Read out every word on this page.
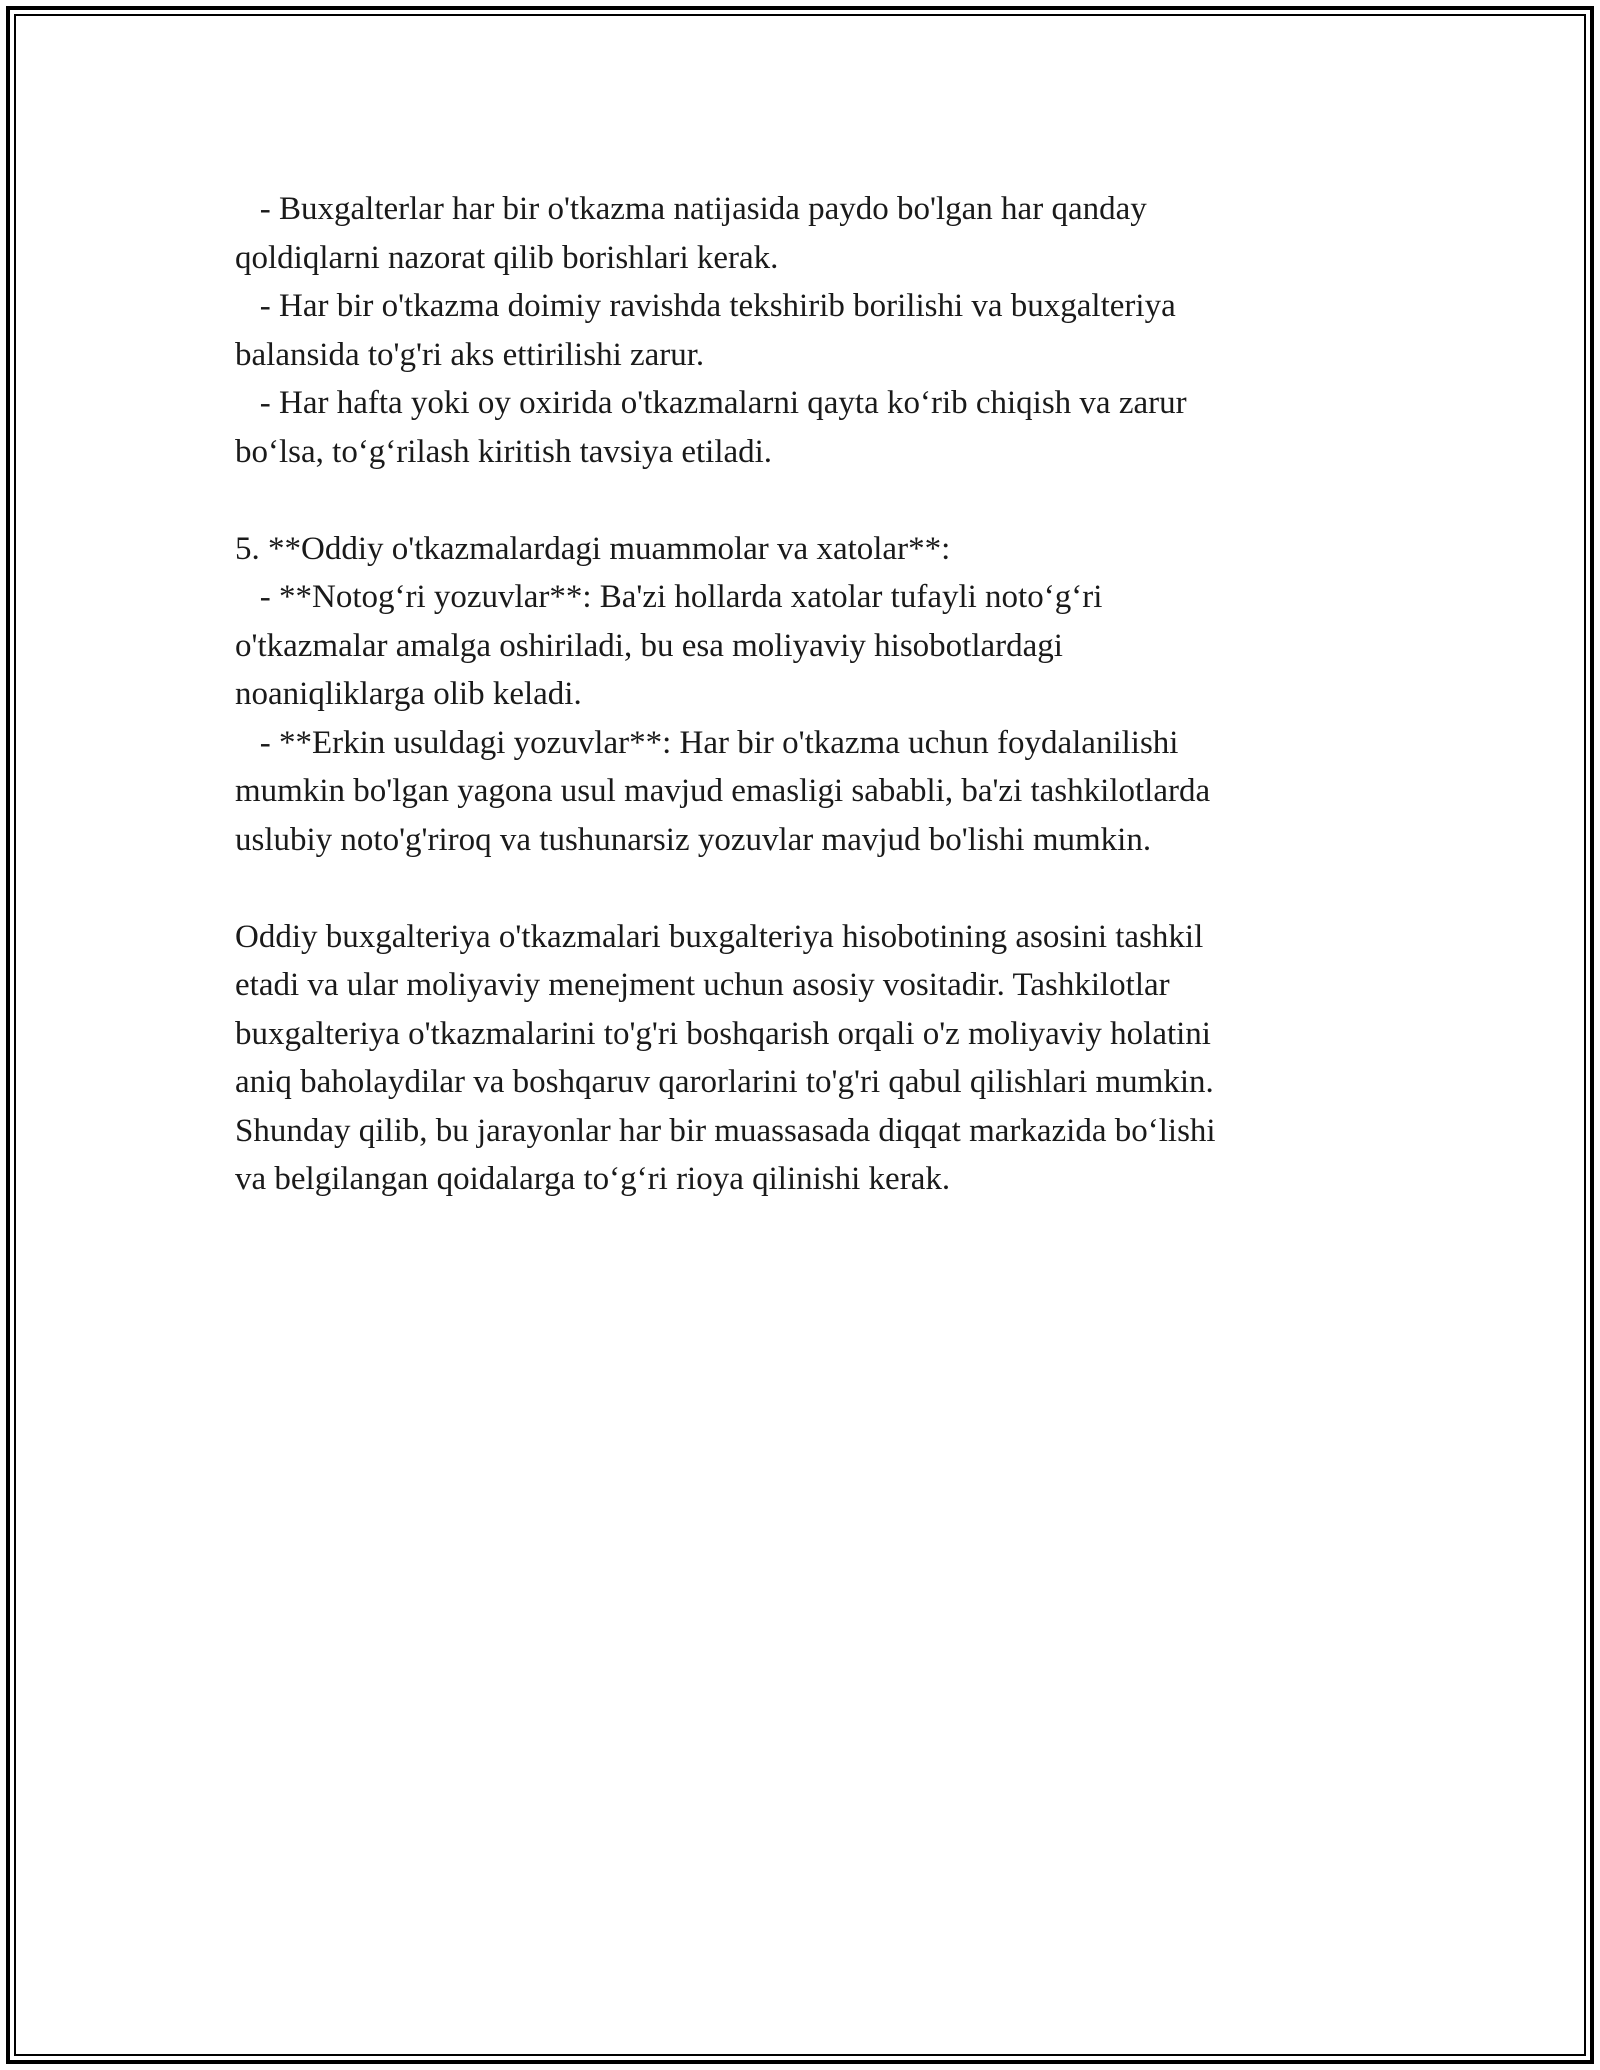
- Buxgalterlar har bir o'tkazma natijasida paydo bo'lgan har qanday
qoldiqlarni nazorat qilib borishlari kerak.
- Har bir o'tkazma doimiy ravishda tekshirib borilishi va buxgalteriya
balansida to'g'ri aks ettirilishi zarur.
- Har hafta yoki oy oxirida o'tkazmalarni qayta ko‘rib chiqish va zarur
bo‘lsa, to‘g‘rilash kiritish tavsiya etiladi.
5. **Oddiy o'tkazmalardagi muammolar va xatolar**:
- **Notog‘ri yozuvlar**: Ba'zi hollarda xatolar tufayli noto‘g‘ri
o'tkazmalar amalga oshiriladi, bu esa moliyaviy hisobotlardagi
noaniqliklarga olib keladi.
- **Erkin usuldagi yozuvlar**: Har bir o'tkazma uchun foydalanilishi
mumkin bo'lgan yagona usul mavjud emasligi sababli, ba'zi tashkilotlarda
uslubiy noto'g'riroq va tushunarsiz yozuvlar mavjud bo'lishi mumkin.
Oddiy buxgalteriya o'tkazmalari buxgalteriya hisobotining asosini tashkil
etadi va ular moliyaviy menejment uchun asosiy vositadir. Tashkilotlar
buxgalteriya o'tkazmalarini to'g'ri boshqarish orqali o'z moliyaviy holatini
aniq baholaydilar va boshqaruv qarorlarini to'g'ri qabul qilishlari mumkin.
Shunday qilib, bu jarayonlar har bir muassasada diqqat markazida bo‘lishi
va belgilangan qoidalarga to‘g‘ri rioya qilinishi kerak.
